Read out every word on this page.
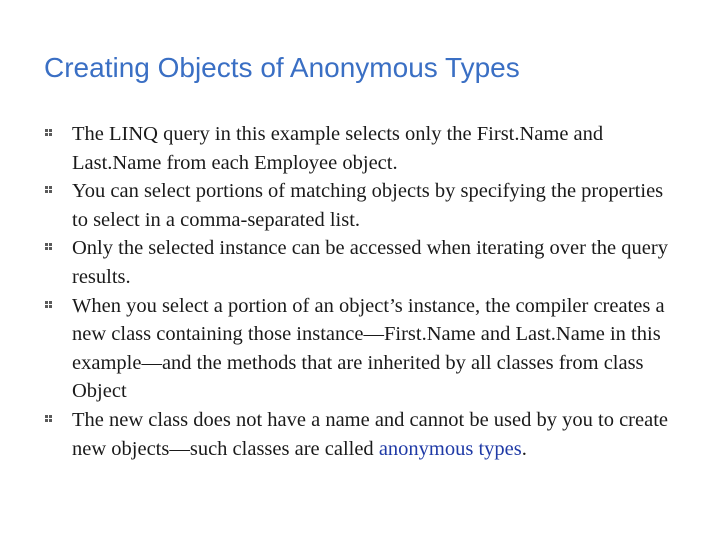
Creating Objects of Anonymous Types
The LINQ query in this example selects only the First.Name and Last.Name from each Employee object.
You can select portions of matching objects by specifying the properties to select in a comma-separated list.
Only the selected instance can be accessed when iterating over the query results.
When you select a portion of an object’s instance, the compiler creates a new class containing those instance—First.Name and Last.Name in this example—and the methods that are inherited by all classes from class Object
The new class does not have a name and cannot be used by you to create new objects—such classes are called anonymous types.
